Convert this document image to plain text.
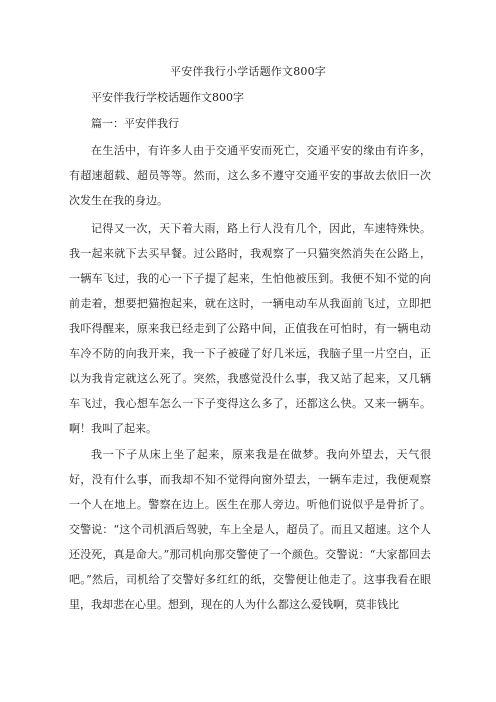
平安伴我行小学话题作文800字
平安伴我行学校话题作文800字
篇一：平安伴我行

在生活中，有许多人由于交通平安而死亡，交通平安的缘由有许多，有超速超载、超员等等。然而，这么多不遵守交通平安的事故去依旧一次次发生在我的身边。

记得又一次，天下着大雨，路上行人没有几个，因此，车速特殊快。我一起来就下去买早餐。过公路时，我观察了一只猫突然消失在公路上，一辆车飞过，我的心一下子提了起来，生怕他被压到。我便不知不觉的向前走着，想要把猫抱起来，就在这时，一辆电动车从我面前飞过，立即把我吓得醒来，原来我已经走到了公路中间，正值我在可怕时，有一辆电动车冷不防的向我开来，我一下子被碰了好几米远，我脑子里一片空白，正以为我肯定就这么死了。突然，我感觉没什么事，我又站了起来，又几辆车飞过，我心想车怎么一下子变得这么多了，还都这么快。又来一辆车。啊！我叫了起来。

我一下子从床上坐了起来，原来我是在做梦。我向外望去，天气很好，没有什么事，而我却不知不觉得向窗外望去，一辆车走过，我便观察一个人在地上。警察在边上。医生在那人旁边。听他们说似乎是骨折了。交警说：“这个司机酒后驾驶，车上全是人，超员了。而且又超速。这个人还没死，真是命大。”那司机向那交警使了一个颜色。交警说：“大家都回去吧。”然后，司机给了交警好多红红的纸，交警便让他走了。这事我看在眼里，我却悲在心里。想到，现在的人为什么都这么爱钱啊，莫非钱比
